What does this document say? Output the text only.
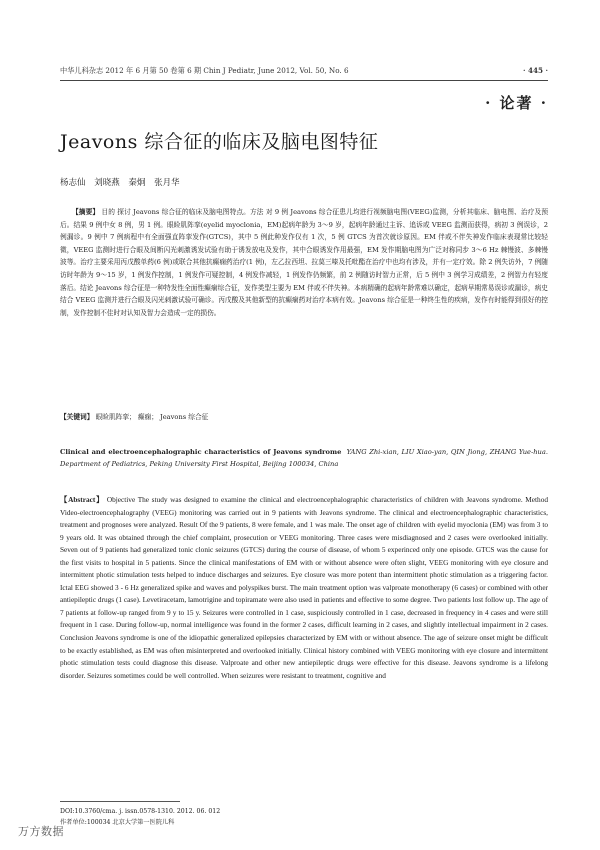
中华儿科杂志 2012 年 6 月第 50 卷第 6 期 Chin J Pediatr, June 2012, Vol. 50, No. 6	· 445 ·
· 论著 ·
Jeavons 综合征的临床及脑电图特征
杨志仙 刘晓燕 秦炯 张月华

【摘要】 目的 探讨 Jeavons 综合征的临床及脑电图特点。方法 对 9 例 Jeavons 综合征患儿均进行视频脑电图(VEEG)监测，分析其临床、脑电图、治疗及预后。结果 9 例中女 8 例，男 1 例。眼睑肌阵挛(eyelid myoclonia，EM)起病年龄为 3～9 岁，起病年龄通过主诉、追诉或 VEEG 监测而获得，病初 3 例误诊，2 例漏诊。9 例中 7 例病程中有全面强直阵挛发作(GTCS)，其中 5 例此种发作仅有 1 次，5 例 GTCS 为首次就诊原因。EM 伴或不伴失神发作临床表现常比较轻微，VEEG 监测时进行合眼及间断闪光刺激诱发试验有助于诱发放电及发作，其中合眼诱发作用最强，EM 发作期脑电图为广泛对称同步 3～6 Hz 棘慢波、多棘慢波等。治疗主要采用丙戊酸单药(6 例)或联合其他抗癫痫药治疗(1 例)，左乙拉西坦、拉莫三嗪及托吡酯在治疗中也均有涉及，并有一定疗效。除 2 例失访外，7 例随访时年龄为 9～15 岁，1 例发作控制，1 例发作可疑控制，4 例发作减轻，1 例发作仍频繁，前 2 例随访时智力正常，后 5 例中 3 例学习成绩差，2 例智力有轻度落后。结论 Jeavons 综合征是一种特发性全面性癫痫综合征，发作类型主要为 EM 伴或不伴失神。本病精确的起病年龄常难以确定，起病早期常易误诊或漏诊，病史结合 VEEG 监测并进行合眼及闪光刺激试验可确诊。丙戊酸及其他新型的抗癫痫药对治疗本病有效。Jeavons 综合征是一种终生性的疾病，发作有时能得到很好的控制，发作控制不佳时对认知及智力会造成一定的损伤。

【关键词】 眼睑肌阵挛； 癫痫； Jeavons 综合征

Clinical and electroencephalographic characteristics of Jeavons syndrome YANG Zhi-xian, LIU Xiao-yan, QIN Jiong, ZHANG Yue-hua. Department of Pediatrics, Peking University First Hospital, Beijing 100034, China

【Abstract】 Objective The study was designed to examine the clinical and electroencephalographic characteristics of children with Jeavons syndrome. Method Video-electroencephalography (VEEG) monitoring was carried out in 9 patients with Jeavons syndrome. The clinical and electroencephalographic characteristics, treatment and prognoses were analyzed. Result Of the 9 patients, 8 were female, and 1 was male. The onset age of children with eyelid myoclonia (EM) was from 3 to 9 years old. It was obtained through the chief complaint, prosecution or VEEG monitoring. Three cases were misdiagnosed and 2 cases were overlooked initially. Seven out of 9 patients had generalized tonic clonic seizures (GTCS) during the course of disease, of whom 5 experinced only one episode. GTCS was the cause for the first visits to hospital in 5 patients. Since the clinical manifestations of EM with or without absence were often slight, VEEG monitoring with eye closure and intermittent photic stimulation tests helped to induce discharges and seizures. Eye closure was more potent than intermittent photic stimulation as a triggering factor. Ictal EEG showed 3 - 6 Hz generalized spike and waves and polyspikes burst. The main treatment option was valproate monotherapy (6 cases) or combined with other antiepileptic drugs (1 case). Levetiracetam, lamotrigine and topiramate were also used in patients and effective to some degree. Two patients lost follow up. The age of 7 patients at follow-up ranged from 9 y to 15 y. Seizures were controlled in 1 case, suspiciously controlled in 1 case, decreased in frequency in 4 cases and were still frequent in 1 case. During follow-up, normal intelligence was found in the former 2 cases, difficult learning in 2 cases, and slightly intellectual impairment in 2 cases. Conclusion Jeavons syndrome is one of the idiopathic generalized epilepsies characterized by EM with or without absence. The age of seizure onset might be difficult to be exactly established, as EM was often misinterpreted and overlooked initially. Clinical history combined with VEEG monitoring with eye closure and intermittent photic stimulation tests could diagnose this disease. Valproate and other new antiepileptic drugs were effective for this disease. Jeavons syndrome is a lifelong disorder. Seizures sometimes could be well controlled. When seizures were resistant to treatment, cognitive and

DOI:10.3760/cma. j. issn.0578-1310. 2012. 06. 012
作者单位:100034 北京大学第一医院儿科
万方数据
